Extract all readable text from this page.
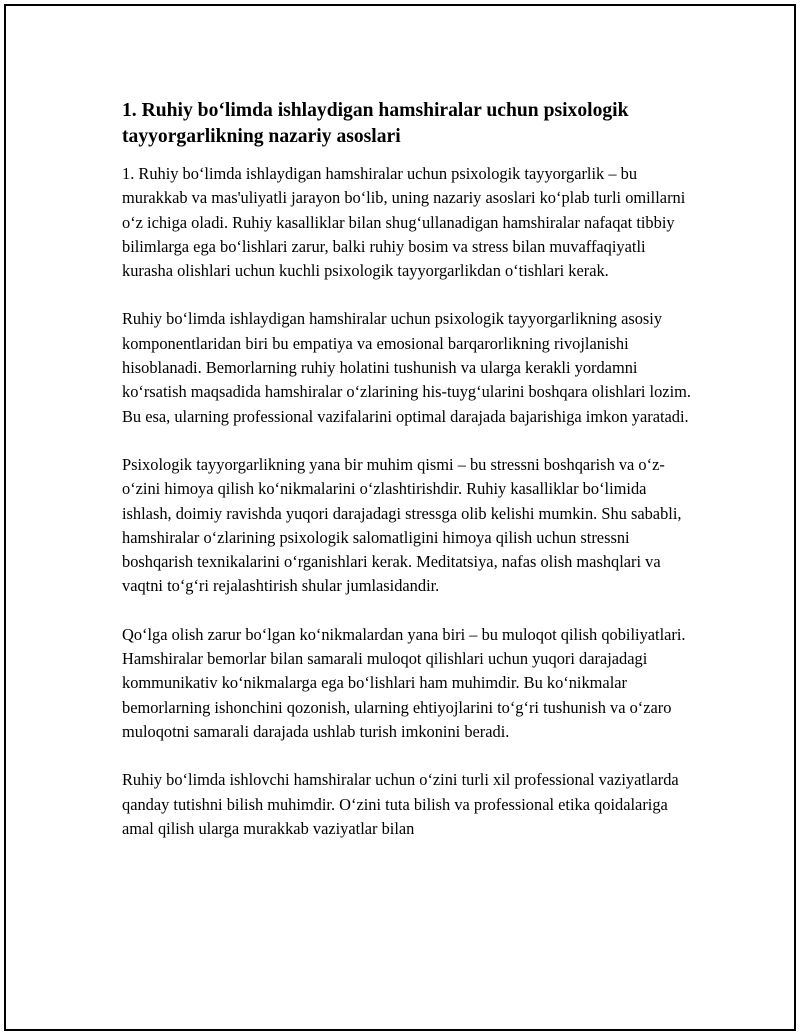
1. Ruhiy bo‘limda ishlaydigan hamshiralar uchun psixologik tayyorgarlikning nazariy asoslari

1. Ruhiy bo‘limda ishlaydigan hamshiralar uchun psixologik tayyorgarlik – bu murakkab va mas'uliyatli jarayon bo‘lib, uning nazariy asoslari ko‘plab turli omillarni o‘z ichiga oladi. Ruhiy kasalliklar bilan shug‘ullanadigan hamshiralar nafaqat tibbiy bilimlarga ega bo‘lishlari zarur, balki ruhiy bosim va stress bilan muvaffaqiyatli kurasha olishlari uchun kuchli psixologik tayyorgarlikdan o‘tishlari kerak.

Ruhiy bo‘limda ishlaydigan hamshiralar uchun psixologik tayyorgarlikning asosiy komponentlaridan biri bu empatiya va emosional barqarorlikning rivojlanishi hisoblanadi. Bemorlarning ruhiy holatini tushunish va ularga kerakli yordamni ko‘rsatish maqsadida hamshiralar o‘zlarining his-tuyg‘ularini boshqara olishlari lozim. Bu esa, ularning professional vazifalarini optimal darajada bajarishiga imkon yaratadi.

Psixologik tayyorgarlikning yana bir muhim qismi – bu stressni boshqarish va o‘z-o‘zini himoya qilish ko‘nikmalarini o‘zlashtirishdir. Ruhiy kasalliklar bo‘limida ishlash, doimiy ravishda yuqori darajadagi stressga olib kelishi mumkin. Shu sababli, hamshiralar o‘zlarining psixologik salomatligini himoya qilish uchun stressni boshqarish texnikalarini o‘rganishlari kerak. Meditatsiya, nafas olish mashqlari va vaqtni to‘g‘ri rejalashtirish shular jumlasidandir.

Qo‘lga olish zarur bo‘lgan ko‘nikmalardan yana biri – bu muloqot qilish qobiliyatlari. Hamshiralar bemorlar bilan samarali muloqot qilishlari uchun yuqori darajadagi kommunikativ ko‘nikmalarga ega bo‘lishlari ham muhimdir. Bu ko‘nikmalar bemorlarning ishonchini qozonish, ularning ehtiyojlarini to‘g‘ri tushunish va o‘zaro muloqotni samarali darajada ushlab turish imkonini beradi.

Ruhiy bo‘limda ishlovchi hamshiralar uchun o‘zini turli xil professional vaziyatlarda qanday tutishni bilish muhimdir. O‘zini tuta bilish va professional etika qoidalariga amal qilish ularga murakkab vaziyatlar bilan
